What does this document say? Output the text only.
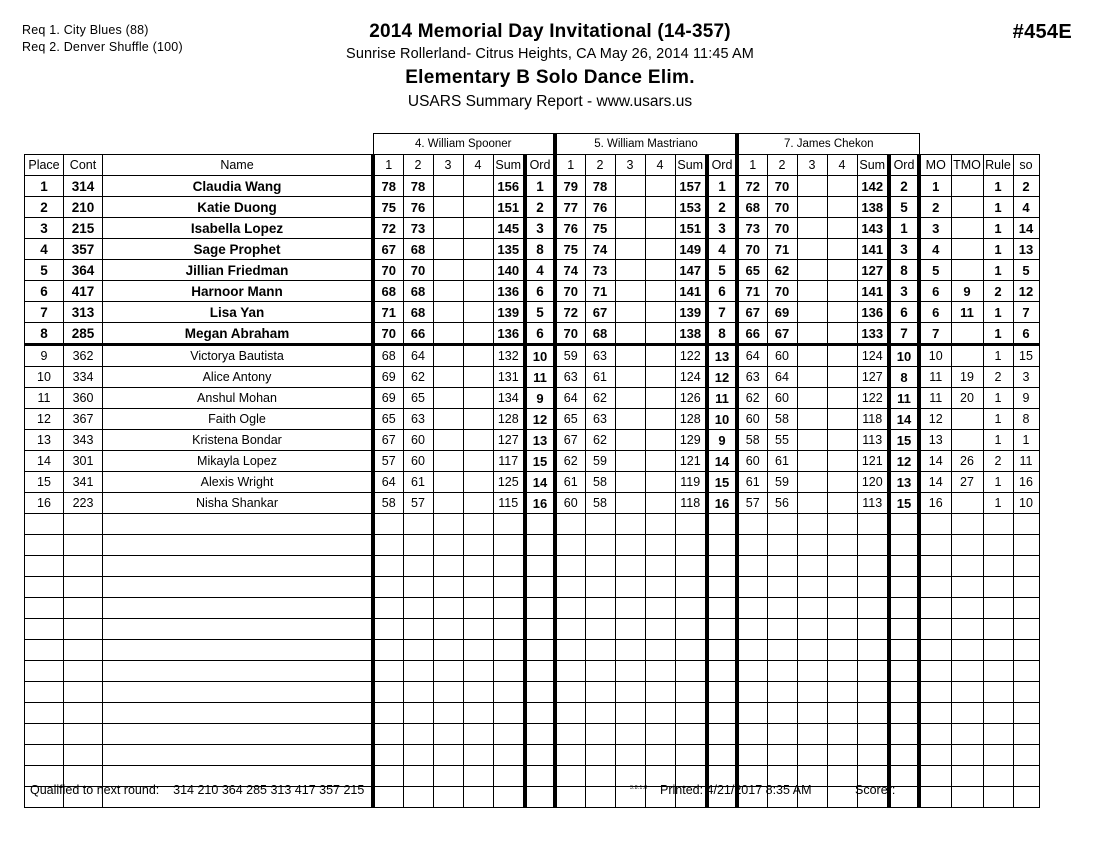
Req 1. City Blues (88)
Req 2. Denver Shuffle (100)
2014 Memorial Day Invitational (14-357)
Sunrise Rollerland- Citrus Heights, CA May 26, 2014 11:45 AM
Elementary B Solo Dance Elim.
USARS Summary Report - www.usars.us
#454E
			4. William Spooner						5. William Mastriano						7. James Chekon									
Place	Cont	Name	1	2	3	4	Sum	Ord	1	2	3	4	Sum	Ord	1	2	3	4	Sum	Ord	MO	TMO	Rule	so
1	314	Claudia Wang	78	78			156	1	79	78			157	1	72	70			142	2	1		1	2
2	210	Katie Duong	75	76			151	2	77	76			153	2	68	70			138	5	2		1	4
3	215	Isabella Lopez	72	73			145	3	76	75			151	3	73	70			143	1	3		1	14
4	357	Sage Prophet	67	68			135	8	75	74			149	4	70	71			141	3	4		1	13
5	364	Jillian Friedman	70	70			140	4	74	73			147	5	65	62			127	8	5		1	5
6	417	Harnoor Mann	68	68			136	6	70	71			141	6	71	70			141	3	6	9	2	12
7	313	Lisa Yan	71	68			139	5	72	67			139	7	67	69			136	6	6	11	1	7
8	285	Megan Abraham	70	66			136	6	70	68			138	8	66	67			133	7	7		1	6
9	362	Victorya Bautista	68	64			132	10	59	63			122	13	64	60			124	10	10		1	15
10	334	Alice Antony	69	62			131	11	63	61			124	12	63	64			127	8	11	19	2	3
11	360	Anshul Mohan	69	65			134	9	64	62			126	11	62	60			122	11	11	20	1	9
12	367	Faith Ogle	65	63			128	12	65	63			128	10	60	58			118	14	12		1	8
13	343	Kristena Bondar	67	60			127	13	67	62			129	9	58	55			113	15	13		1	1
14	301	Mikayla Lopez	57	60			117	15	62	59			121	14	60	61			121	12	14	26	2	11
15	341	Alexis Wright	64	61			125	14	61	58			119	15	61	59			120	13	14	27	1	16
16	223	Nisha Shankar	58	57			115	16	60	58			118	16	57	56			113	15	16		1	10

Qualified to next round: 314 210 364 285 313 417 357 215	3.8.1.8 Printed: 4/21/2017 8:35 AM	Scorer:
